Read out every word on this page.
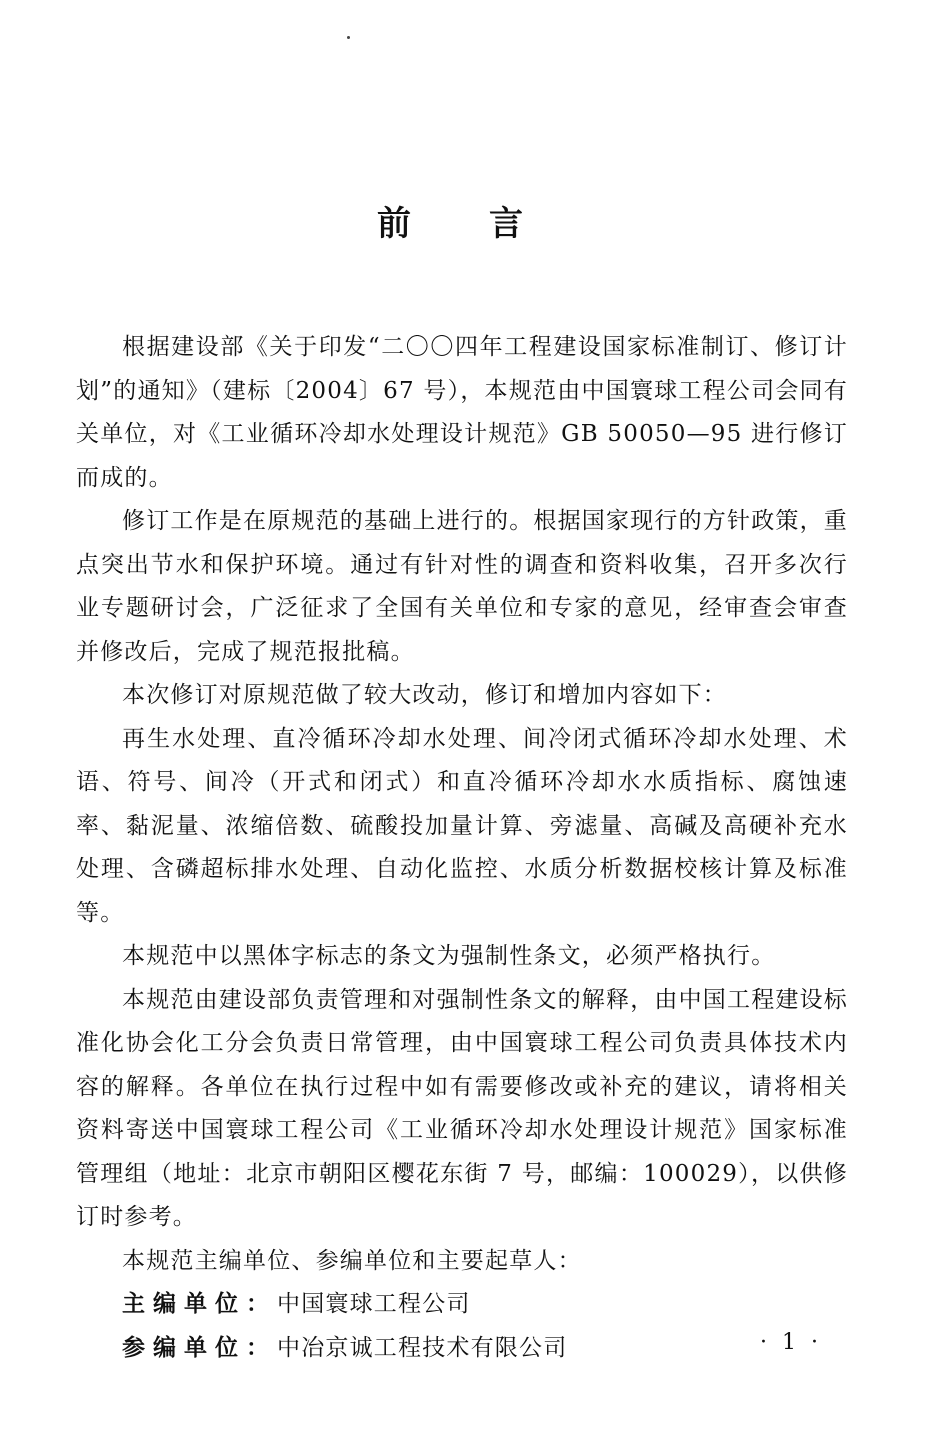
前言

根据建设部《关于印发“二〇〇四年工程建设国家标准制订、修订计划”的通知》（建标〔2004〕67 号），本规范由中国寰球工程公司会同有关单位，对《工业循环冷却水处理设计规范》GB 50050—95 进行修订而成的。

修订工作是在原规范的基础上进行的。根据国家现行的方针政策，重点突出节水和保护环境。通过有针对性的调查和资料收集，召开多次行业专题研讨会，广泛征求了全国有关单位和专家的意见，经审查会审查并修改后，完成了规范报批稿。

本次修订对原规范做了较大改动，修订和增加内容如下：

再生水处理、直冷循环冷却水处理、间冷闭式循环冷却水处理、术语、符号、间冷（开式和闭式）和直冷循环冷却水水质指标、腐蚀速率、黏泥量、浓缩倍数、硫酸投加量计算、旁滤量、高碱及高硬补充水处理、含磷超标排水处理、自动化监控、水质分析数据校核计算及标准等。

本规范中以黑体字标志的条文为强制性条文，必须严格执行。

本规范由建设部负责管理和对强制性条文的解释，由中国工程建设标准化协会化工分会负责日常管理，由中国寰球工程公司负责具体技术内容的解释。各单位在执行过程中如有需要修改或补充的建议，请将相关资料寄送中国寰球工程公司《工业循环冷却水处理设计规范》国家标准管理组（地址：北京市朝阳区樱花东街 7 号，邮编：100029），以供修订时参考。

本规范主编单位、参编单位和主要起草人：

主编单位：中国寰球工程公司

参编单位：中冶京诚工程技术有限公司	· 1 ·
